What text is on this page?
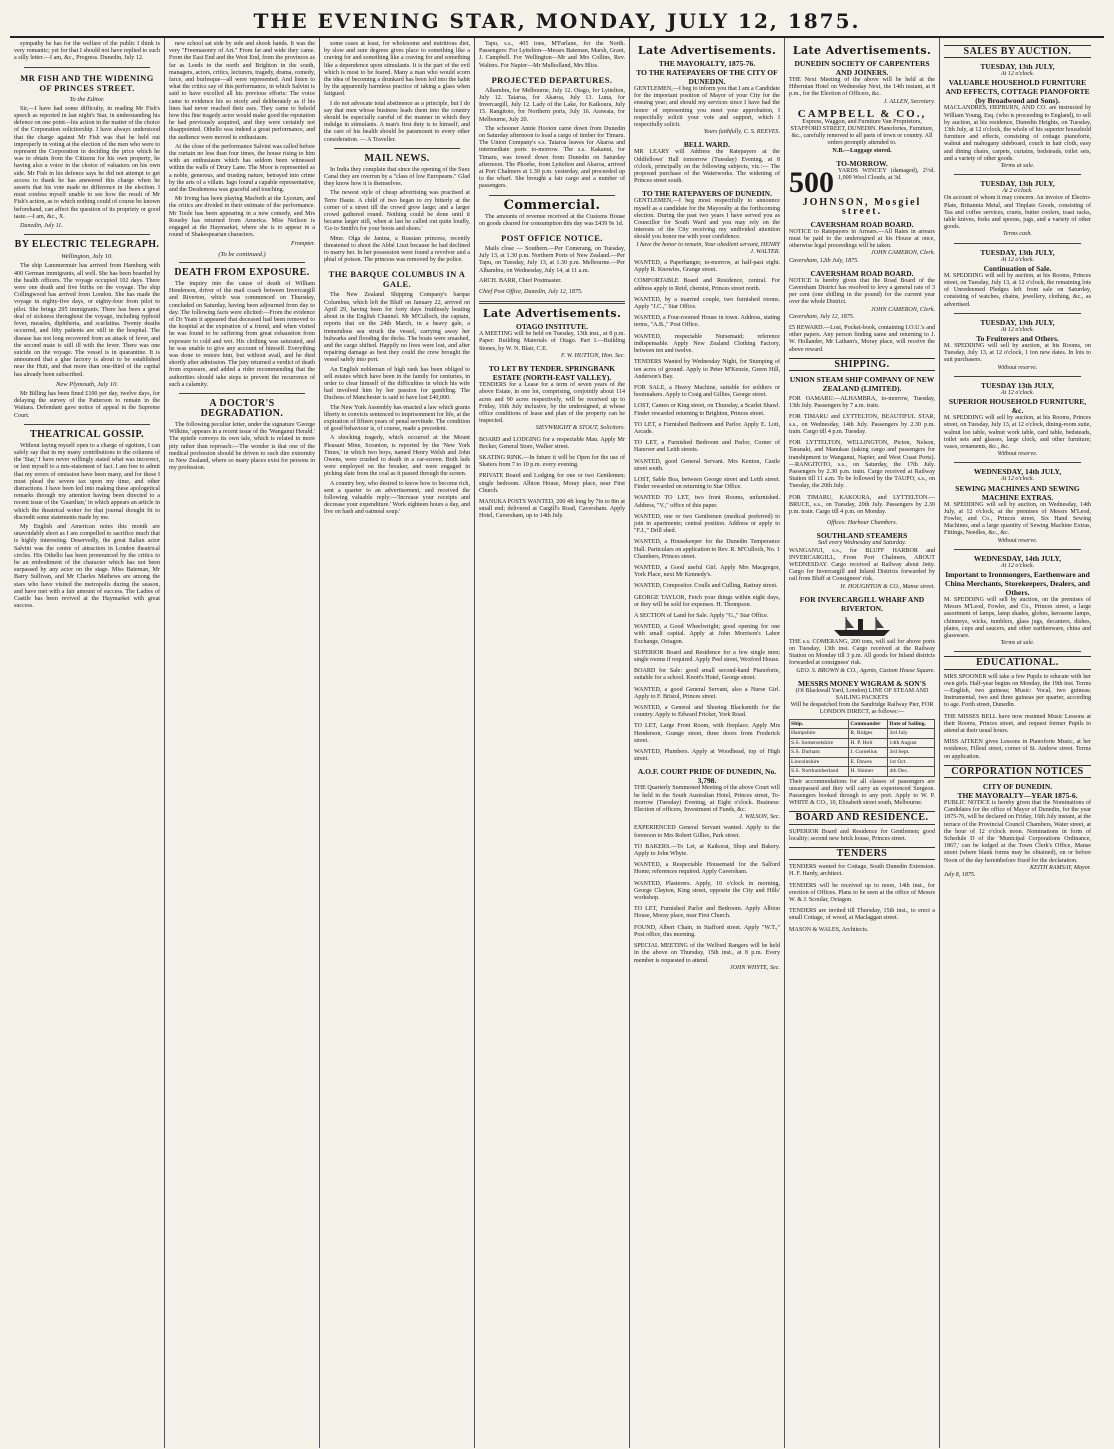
THE EVENING STAR, MONDAY, JULY 12, 1875.

sympathy he has for the welfare of the public I think is very romantic; yet for that I should not have replied to such a silly letter.—I am, &c., Progress. Dunedin, July 12.

MR FISH AND THE WIDENING OF PRINCES STREET.
To the Editor.

Sir,—I have had some difficulty, in reading Mr Fish's speech as reported in last night's Star, in understanding his defence on one point—his action in the matter of the choice of the Corporation solicitorship. I have always understood that the charge against Mr Fish was that he held out improperly in voting at the election of the men who were to represent the Corporation in deciding the price which he was to obtain from the Citizens for his own property, he having also a voice in the choice of valuators on his own side. Mr Fish in his defence says he did not attempt to get access to thank he has answered this charge when he asserts that his vote made no difference in the election. I must confess myself unable to see how the result of Mr Fish's action, as to which nothing could of course be known beforehand, can affect the question of its propriety or good taste.—I am, &c., X.

Dunedin, July 11.

BY ELECTRIC TELEGRAPH.
Wellington, July 10.

The ship Lammermuir has arrived from Hamburg with 400 German immigrants, all well. She has been boarded by the health officers. The voyage occupied 102 days. There were one death and five births on the voyage. The ship Collingwood has arrived from London. She has made the voyage in eighty-five days, or eighty-four from pilot to pilot. She brings 295 immigrants. There has been a great deal of sickness throughout the voyage, including typhoid fever, measles, diphtheria, and scarlatina. Twenty deaths occurred, and fifty patients are still in the hospital. The disease has not long recovered from an attack of fever, and the second mate is still ill with the fever. There was one suicide on the voyage. The vessel is in quarantine. It is announced that a glue factory is about to be established near the Hutt, and that more than one-third of the capital has already been subscribed.

New Plymouth, July 10.

Mr Billing has been fined £100 per day, twelve days, for delaying the survey of the Patterson to remain in the Waitara. Defendant gave notice of appeal in the Supreme Court.

THEATRICAL GOSSIP.

Without laying myself open to a charge of egotism, I can safely say that in my many contributions to the columns of the 'Star,' I have never willingly stated what was incorrect, or lent myself to a mis-statement of fact. I am free to admit that my errors of omission have been many, and for these I must plead the severe tax upon my time, and other distractions. I have been led into making these apologetical remarks through my attention having been directed to a recent issue of the 'Guardian,' in which appears an article in which the theatrical writer for that journal thought fit to discredit some statements made by me.

My English and American notes this month are unavoidably short as I am compelled to sacrifice much that is highly interesting. Deservedly, the great Italian actor Salvini was the centre of attraction in London theatrical circles. His Othello has been pronounced by the critics to be an embodiment of the character which has not been surpassed by any actor on the stage. Miss Bateman, Mr Barry Sullivan, and Mr Charles Mathews are among the stars who have visited the metropolis during the season, and have met with a fair amount of success. The Ladies of Castile has been revived at the Haymarket with great success.

new school sat side by side and shook hands. It was the very "Freemasonry of Art." From far and wide they came. From the East End and the West End, from the provinces as far as Leeds in the north and Brighton in the south, managers, actors, critics, lecturers, tragedy, drama, comedy, farce, and burlesque—all were represented. And listen to what the critics say of this performance, in which Salvini is said to have excelled all his previous efforts: The voice came to evidence his so nicely and deliberately as if his lines had never reached their ears. They came to behold how this fine tragedy actor would make good the reputation he had previously acquired, and they were certainly not disappointed. Othello was indeed a great performance, and the audience were moved to enthusiasm.

At the close of the performance Salvini was called before the curtain no less than four times, the house rising to him with an enthusiasm which has seldom been witnessed within the walls of Drury Lane. The Moor is represented as a noble, generous, and trusting nature, betrayed into crime by the arts of a villain. Iago found a capable representative, and the Desdemona was graceful and touching.

Mr Irving has been playing Macbeth at the Lyceum, and the critics are divided in their estimate of the performance. Mr Toole has been appearing in a new comedy, and Mrs Rousby has returned from America. Miss Neilson is engaged at the Haymarket, where she is to appear in a round of Shakespearian characters.

Frompter.

(To be continued.)
DEATH FROM EXPOSURE.

The inquiry into the cause of death of William Henderson, driver of the mail coach between Invercargill and Riverton, which was commenced on Thursday, concluded on Saturday, having been adjourned from day to day. The following facts were elicited:—From the evidence of Dr Yeats it appeared that deceased had been removed to the hospital at the expiration of a friend, and when visited he was found to be suffering from great exhaustion from exposure to cold and wet. His clothing was saturated, and he was unable to give any account of himself. Everything was done to restore him, but without avail, and he died shortly after admission. The jury returned a verdict of death from exposure, and added a rider recommending that the authorities should take steps to prevent the recurrence of such a calamity.

A DOCTOR'S DEGRADATION.

The following peculiar letter, under the signature 'George Wilkins,' appears in a recent issue of the 'Wanganui Herald.' The epistle conveys its own tale, which is related in more pity rather than reproach:—The wonder is that one of the medical profession should be driven to such dire extremity in New Zealand, where so many places exist for persons in my profession.

some cases at least, for wholesome and nutritious diet, by slow and sure degrees gives place to something like a craving for and something like a craving for and something like a dependence upon stimulants. It is the part of the evil which is most to be feared. Many a man who would scorn the idea of becoming a drunkard has been led into the habit by the apparently harmless practice of taking a glass when fatigued.

I do not advocate total abstinence as a principle, but I do say that men whose business leads them into the country should be especially careful of the manner in which they indulge in stimulants. A man's first duty is to himself, and the care of his health should be paramount to every other consideration. — A Traveller.

MAIL NEWS.

In India they complain that since the opening of the Suez Canal they are overrun by a "class of low Europeans." Glad they know how it is themselves.

The newest style of cheap advertising was practised at Terre Haute. A child of two began to cry bitterly at the corner of a street till the crowd grew large; and a larger crowd gathered round. Nothing could be done until it became larger still, when at last he called out quite loudly, 'Go to Smith's for your boots and shoes.'

Mme. Olga de Janina, a Russian princess, recently threatened to shoot the Abbé Liszt because he had declined to marry her. In her possession were found a revolver and a phial of poison. The princess was removed by the police.

THE BARQUE COLUMBUS IN A GALE.

The New Zealand Shipping Company's barque Columbus, which left the Bluff on January 22, arrived on April 29, having been for forty days fruitlessly beating about in the English Channel. Mr M'Culloch, the captain, reports that on the 24th March, in a heavy gale, a tremendous sea struck the vessel, carrying away her bulwarks and flooding the decks. The boats were smashed, and the cargo shifted. Happily no lives were lost, and after repairing damage as best they could the crew brought the vessel safely into port.

An English nobleman of high rank has been obliged to sell estates which have been in the family for centuries, in order to clear himself of the difficulties in which his wife had involved him by her passion for gambling. The Duchess of Manchester is said to have lost £40,000.

The New York Assembly has enacted a law which grants liberty to convicts sentenced to imprisonment for life, at the expiration of fifteen years of penal servitude. The condition of good behaviour is, of course, made a precedent.

A shocking tragedy, which occurred at the Mount Pleasant Mine, Scranton, is reported by the 'New York Times,' in which two boys, named Henry Welsh and John Owens, were crushed to death in a car-screen. Both lads were employed on the breaker, and were engaged in picking slate from the coal as it passed through the screen.

A country boy, who desired to know how to become rich, sent a quarter to an advertisement, and received the following valuable reply:—'Increase your receipts and decrease your expenditure.' Work eighteen hours a day, and live on hash and oatmeal soup.'

Tapu, s.s., 405 tons, M'Farlane, for the North. Passengers: For Lyttelton—Messrs Bateman, Marsh, Grant, J. Campbell. For Wellington—Mr and Mrs Collins, Rev. Walters. For Napier—Mr Mulholland, Mrs Bliss.

PROJECTED DEPARTURES.

Alhambra, for Melbourne, July 12. Otago, for Lyttelton, July 12. Taiaroa, for Akaroa, July 13. Luna, for Invercargill, July 12. Lady of the Lake, for Kaikoura, July 15. Rangitoto, for Northern ports, July 16. Arawata, for Melbourne, July 20.

The schooner Annie Hooton came down from Dunedin on Saturday afternoon to load a cargo of timber for Timaru. The Union Company's s.s. Taiaroa leaves for Akaroa and intermediate ports to-morrow. The s.s. Kakanui, for Timaru, was towed down from Dunedin on Saturday afternoon. The Phoebe, from Lyttelton and Akaroa, arrived at Port Chalmers at 1.30 p.m. yesterday, and proceeded up to the wharf. She brought a fair cargo and a number of passengers.

Commercial.

The amounts of revenue received at the Customs House on goods cleared for consumption this day was £439 9s 1d.

POST OFFICE NOTICE.

Mails close — Southern.—Per Comerang, on Tuesday, July 13, at 1.30 p.m. Northern Ports of New Zealand.—Per Tapu, on Tuesday, July 13, at 1.30 p.m. Melbourne.—Per Alhambra, on Wednesday, July 14, at 11 a.m.

ARCH. BARR, Chief Postmaster.
Chief Post Office, Dunedin, July 12, 1875.
Late Advertisements.
OTAGO INSTITUTE.
A MEETING will be held on Tuesday, 13th inst., at 8 p.m. Paper: Building Materials of Otago. Part I.—Building Stones, by W. N. Blair, C.E.
F. W. HUTTON, Hon. Sec.
TO LET BY TENDER. SPRINGBANK ESTATE (NORTH-EAST VALLEY).
TENDERS for a Lease for a term of seven years of the above Estate, in one lot, comprising, conjointly about 114 acres and 90 acres respectively, will be received up to Friday, 16th July inclusive, by the undersigned, at whose office conditions of lease and plan of the property can be inspected.
SIEVWRIGHT & STOUT, Solicitors.
BOARD and LODGING for a respectable Man. Apply Mr Becker, General Store, Walker street.
SKATING RINK.—In future it will be Open for the use of Skaters from 7 to 10 p.m. every evening.
PRIVATE Board and Lodging for one or two Gentlemen; single bedroom. Albion House, Moray place, near First Church.
MANUKA POSTS WANTED, 200 4ft long by 7in to 8in at small end; delivered at Cargill's Road, Caversham. Apply Hotel, Caversham, up to 14th July.
Late Advertisements.
THE MAYORALTY, 1875-76.
TO THE RATEPAYERS OF THE CITY OF DUNEDIN.
GENTLEMEN,—I beg to inform you that I am a Candidate for the important position of Mayor of your City for the ensuing year; and should my services since I have had the honor of representing you meet your approbation, I respectfully solicit your vote and support, which I respectfully solicit.
Yours faithfully, C. S. REEVES.
BELL WARD.
MR LEARY will Address the Ratepayers at the Oddfellows' Hall tomorrow (Tuesday) Evening, at 8 o'clock, principally on the following subjects, viz.:— The proposed purchase of the Waterworks. The widening of Princes street south.
TO THE RATEPAYERS OF DUNEDIN.
GENTLEMEN,—I beg most respectfully to announce myself as a candidate for the Mayoralty at the forthcoming election. During the past two years I have served you as Councillor for South Ward and you may rely on the interests of the City receiving my undivided attention should you honor me with your confidence.
I have the honor to remain, Your obedient servant, HENRY J. WALTER.
WANTED, a Paperhanger, to-morrow, at half-past eight. Apply R. Knowles, Grange street.
COMFORTABLE Board and Residence, central. For address apply to Reid, chemist, Princes street north.
WANTED, by a married couple, two furnished rooms. Apply "J.C.," Star Office.
WANTED, a Four-roomed House in town. Address, stating terms, "A.B.," Post Office.
WANTED, respectable Nursemaid; reference indispensable. Apply New Zealand Clothing Factory, between ten and twelve.
TENDERS Wanted by Wednesday Night, for Stumping of ten acres of ground. Apply to Peter M'Kenzie, Green Hill, Anderson's Bay.
FOR SALE, a Heavy Machine, suitable for soldiers or bootmakers. Apply to Craig and Gillies, George street.
LOST, Cameo or King street, on Thursday, a Scarlet Shawl. Finder rewarded returning to Brighton, Princes street.
TO LET, a Furnished Bedroom and Parlor. Apply E. Lott, Arcade.
TO LET, a Furnished Bedroom and Parlor, Corner of Hanover and Leith streets.
WANTED, good General Servant. Mrs Kenton, Castle street south.
LOST, Sable Boa, between George street and Leith street. Finder rewarded on returning to Star Office.
WANTED TO LET, two front Rooms, unfurnished. Address, "V.," office of this paper.
WANTED, one or two Gentlemen (medical preferred) to join in apartments; central position. Address or apply to "F.J.," Drill shed.
WANTED, a Housekeeper for the Dunedin Temperance Hall. Particulars on application to Rev. R. M'Culloch, No. 1 Chambers, Princes street.
WANTED, a Good useful Girl. Apply Mrs Macgregor, York Place, next Mr Kennedy's.
WANTED, Compositor. Coulls and Culling, Rattray street.
GEORGE TAYLOR, Fetch your things within eight days, or they will be sold for expenses. H. Thompson.
A SECTION of Land for Sale. Apply "G.," Star Office.
WANTED, a Good Wheelwright; good opening for one with small capital. Apply at John Morrison's Labor Exchange, Octagon.
SUPERIOR Board and Residence for a few single men; single rooms if required. Apply Peel street, Wexford House.
BOARD for Sale: good small second-hand Pianoforte, suitable for a school. Knott's Hotel, George street.
WANTED, a good General Servant, also a Nurse Girl. Apply to F. Bristol, Princes street.
WANTED, a General and Shoeing Blacksmith for the country. Apply to Edward Fricker, York Road.
TO LET, Large Front Room, with fireplace. Apply Mrs Henderson, Grange street, three doors from Frederick street.
WANTED, Plumbers. Apply at Woodhead, top of High street.
A.O.F. COURT PRIDE OF DUNEDIN, No. 3,798.
THE Quarterly Summoned Meeting of the above Court will be held in the South Australian Hotel, Princes street, To-morrow (Tuesday) Evening, at Eight o'clock. Business: Election of officers, Investment of Funds, &c.
J. WILSON, Sec.
EXPERIENCED General Servant wanted. Apply to the forenoon to Mrs Robert Gillies, Park street.
TO BAKERS.—To Let, at Kaikorai, Shop and Bakery. Apply to John Whyte.
WANTED, a Respectable Housemaid for the Salford Home; references required. Apply Caversham.
WANTED, Plasterers. Apply, 10 o'clock in morning, George Clayton, King street, opposite the City and Hills' workshop.
TO LET, Furnished Parlor and Bedroom. Apply Albion House, Moray place, near First Church.
FOUND, Albert Chain, in Stafford street. Apply "W.T.," Post office, this morning.
SPECIAL MEETING of the Welford Rangers will be held in the above on Thursday, 15th inst., at 8 p.m. Every member is requested to attend.
JOHN WHYTE, Sec.
Late Advertisements.
DUNEDIN SOCIETY OF CARPENTERS AND JOINERS.
THE Next Meeting of the above will be held at the Hibernian Hotel on Wednesday Next, the 14th instant, at 8 p.m., for the Election of Officers, &c.
J. ALLEN, Secretary.
CAMPBELL & CO.,
Express, Waggon, and Furniture Van Proprietors, STAFFORD STREET, DUNEDIN. Pianofortes, Furniture, &c., carefully removed to all parts of town or country. All orders promptly attended to.
N.B.—Luggage stored.
TO-MORROW.
500 YARDS WINCEY (damaged), 2½d. 1,000 Wool Clouds, at 3d.
JOHNSON, Mosgiel street.
CAVERSHAM ROAD BOARD.
NOTICE to Ratepayers in Arrears.—All Rates in arrears must be paid to the undersigned at his House at once, otherwise legal proceedings will be taken.
JOHN CAMERON, Clerk.
Caversham, 12th July, 1875.
CAVERSHAM ROAD BOARD.
NOTICE is hereby given that the Road Board of the Caversham District has resolved to levy a general rate of 3 per cent (one shilling in the pound) for the current year over the whole District.
JOHN CAMERON, Clerk.
Caversham, July 12, 1875.
£5 REWARD.—Lost, Pocket-book, containing I.O.U.'s and other papers. Any person finding same and returning to J. W. Hollander, Mr Latham's, Moray place, will receive the above reward.
SHIPPING.
UNION STEAM SHIP COMPANY OF NEW ZEALAND (LIMITED).
FOR OAMARU.—ALHAMBRA, to-morrow, Tuesday, 13th July. Passengers by 7 a.m. train.
FOR TIMARU and LYTTELTON, BEAUTIFUL STAR, s.s., on Wednesday, 14th July. Passengers by 2.30 p.m. train. Cargo till 4 p.m. Tuesday.
FOR LYTTELTON, WELLINGTON, Picton, Nelson, Taranaki, and Manukau (taking cargo and passengers for transhipment to Wanganui, Napier, and West Coast Ports).—RANGITOTO, s.s., on Saturday, the 17th July. Passengers by 2.30 p.m. train. Cargo received at Railway Station till 11 a.m. To be followed by the TAUPO, s.s., on Tuesday, the 20th July.
FOR TIMARU, KAKOURA, and LYTTELTON.—BRUCE, s.s., on Tuesday, 20th July. Passengers by 2.30 p.m. train. Cargo till 4 p.m. on Monday.
Offices: Harbour Chambers.
SOUTHLAND STEAMERS
Sail every Wednesday and Saturday.
WANGANUI, s.s., for BLUFF HARBOR and INVERCARGILL, From Port Chalmers, ABOUT WEDNESDAY. Cargo received at Railway about Jetty. Cargo for Invercargill and Inland Districts forwarded by rail from Bluff at Consignees' risk.
H. HOUGHTON & CO., Manse street.
FOR INVERCARGILL WHARF AND RIVERTON.
THE s.s. COMERANG, 200 tons, will sail for above ports on Tuesday, 13th inst. Cargo received at the Railway Station on Monday till 3 p.m. All goods for Inland districts forwarded at consignees' risk.
GEO. S. BROWN & CO., Agents, Custom House Square.
MESSRS MONEY WIGRAM & SON'S
(Of Blackwall Yard, London) LINE OF STEAM AND SAILING PACKETS
Will be despatched from the Sandridge Railway Pier, FOR LONDON DIRECT, as follows:—
Ship.	Commander	Date of Sailing.
Hampshire	R. Ridges	3rd July
S.S. Somersetshire	H. P. Holt	14th August
S.S. Durham	J. Cornelius	3rd Sept.
Lincolnshire	E. Dawes	1st Oct.
S.S. Northumberland	H. Shimer	4th Dec.
Their accommodations for all classes of passengers are unsurpassed and they will carry an experienced Surgeon. Passengers booked through to any port. Apply to W. P. WHITE & CO., 10, Elizabeth street south, Melbourne.
BOARD AND RESIDENCE.
SUPERIOR Board and Residence for Gentlemen; good locality; second new brick house, Princes street.
TENDERS
TENDERS wanted for Cottage, South Dunedin Extension. H. F. Hardy, architect.
TENDERS will be received up to noon, 14th inst., for erection of Offices. Plans to be seen at the office of Messrs W. & J. Scoular, Octagon.
TENDERS are invited till Thursday, 15th inst., to erect a small Cottage, of wood, at Maclaggan street.
MASON & WALES, Architects.
SALES BY AUCTION.
TUESDAY, 13th JULY,
At 12 o'clock.
VALUABLE HOUSEHOLD FURNITURE AND EFFECTS, COTTAGE PIANOFORTE (by Broadwood and Sons).
MACLANDRES, HEPBURN, AND CO. are instructed by William Young, Esq. (who is proceeding to England), to sell by auction, at his residence, Dunedin Heights, on Tuesday, 13th July, at 12 o'clock, the whole of his superior household furniture and effects, consisting of cottage pianoforte, walnut and mahogany sideboard, couch in hair cloth, easy and dining chairs, carpets, curtains, bedsteads, toilet sets, and a variety of other goods.
Terms at sale.
TUESDAY, 13th JULY,
At 2 o'clock.
On account of whom it may concern. An invoice of Electro-Plate, Britannia Metal, and Tinplate Goods, consisting of Tea and coffee services, cruets, butter coolers, toast racks, table knives, forks and spoons, jugs, and a variety of other goods.
Terms cash.
TUESDAY, 13th JULY,
At 12 o'clock.
Continuation of Sale.
M. SPEDDING will sell by auction, at his Rooms, Princes street, on Tuesday, July 13, at 12 o'clock, the remaining lots of Unredeemed Pledges left from sale on Saturday, consisting of watches, chains, jewellery, clothing, &c., as advertised.
TUESDAY, 13th JULY,
At 12 o'clock.
To Fruiterers and Others.
M. SPEDDING will sell by auction, at his Rooms, on Tuesday, July 13, at 12 o'clock, 1 ton new dates. In lots to suit purchasers.
Without reserve.
TUESDAY 13th JULY,
At 12 o'clock.
SUPERIOR HOUSEHOLD FURNITURE, &c.
M. SPEDDING will sell by auction, at his Rooms, Princes street, on Tuesday, July 13, at 12 o'clock, dining-room suite, walnut loo table, walnut work table, card table, bedsteads, toilet sets and glasses, large clock, and other furniture; vases, ornaments, &c., &c.
Without reserve.
WEDNESDAY, 14th JULY,
At 12 o'clock.
SEWING MACHINES AND SEWING MACHINE EXTRAS.
M. SPEDDING will sell by auction, on Wednesday, 14th July, at 12 o'clock, at the premises of Messrs M'Leod, Fowler, and Co., Princes street, Six Hand Sewing Machines, and a large quantity of Sewing Machine Extras, Fittings, Needles, &c., &c.
Without reserve.
WEDNESDAY, 14th JULY,
At 12 o'clock.
Important to Ironmongers, Earthenware and China Merchants, Storekeepers, Dealers, and Others.
M. SPEDDING will sell by auction, on the premises of Messrs M'Leod, Fowler, and Co., Princes street, a large assortment of lamps, lamp shades, globes, kerosene lamps, chimneys, wicks, tumblers, glass jugs, decanters, dishes, plates, cups and saucers, and other earthenware, china and glassware.
Terms at sale.
EDUCATIONAL.
MRS SPOONER will take a few Pupils to educate with her own girls. Half-year begins on Monday, the 19th inst. Terms—English, two guineas; Music: Vocal, two guineas; Instrumental, two and three guineas per quarter, according to age. Forth street, Dunedin.
THE MISSES BELL have now resumed Music Lessons at their Rooms, Princes street, and request former Pupils to attend at their usual hours.
MISS AITKEN gives Lessons in Pianoforte Music, at her residence, Filleul street, corner of St. Andrew street. Terms on application.
CORPORATION NOTICES
CITY OF DUNEDIN.
THE MAYORALTY—YEAR 1875-6.
PUBLIC NOTICE is hereby given that the Nominations of Candidates for the office of Mayor of Dunedin, for the year 1875-76, will be declared on Friday, 16th July instant, at the terrace of the Provincial Council Chambers, Water street, at the hour of 12 o'clock noon. Nominations in form of Schedule D of the 'Municipal Corporations Ordinance, 1867,' can be lodged at the Town Clerk's Office, Manse street (where blank forms may be obtained), on or before Noon of the day hereinbefore fixed for the declaration.
KEITH RAMSAY, Mayor.
July 8, 1875.
